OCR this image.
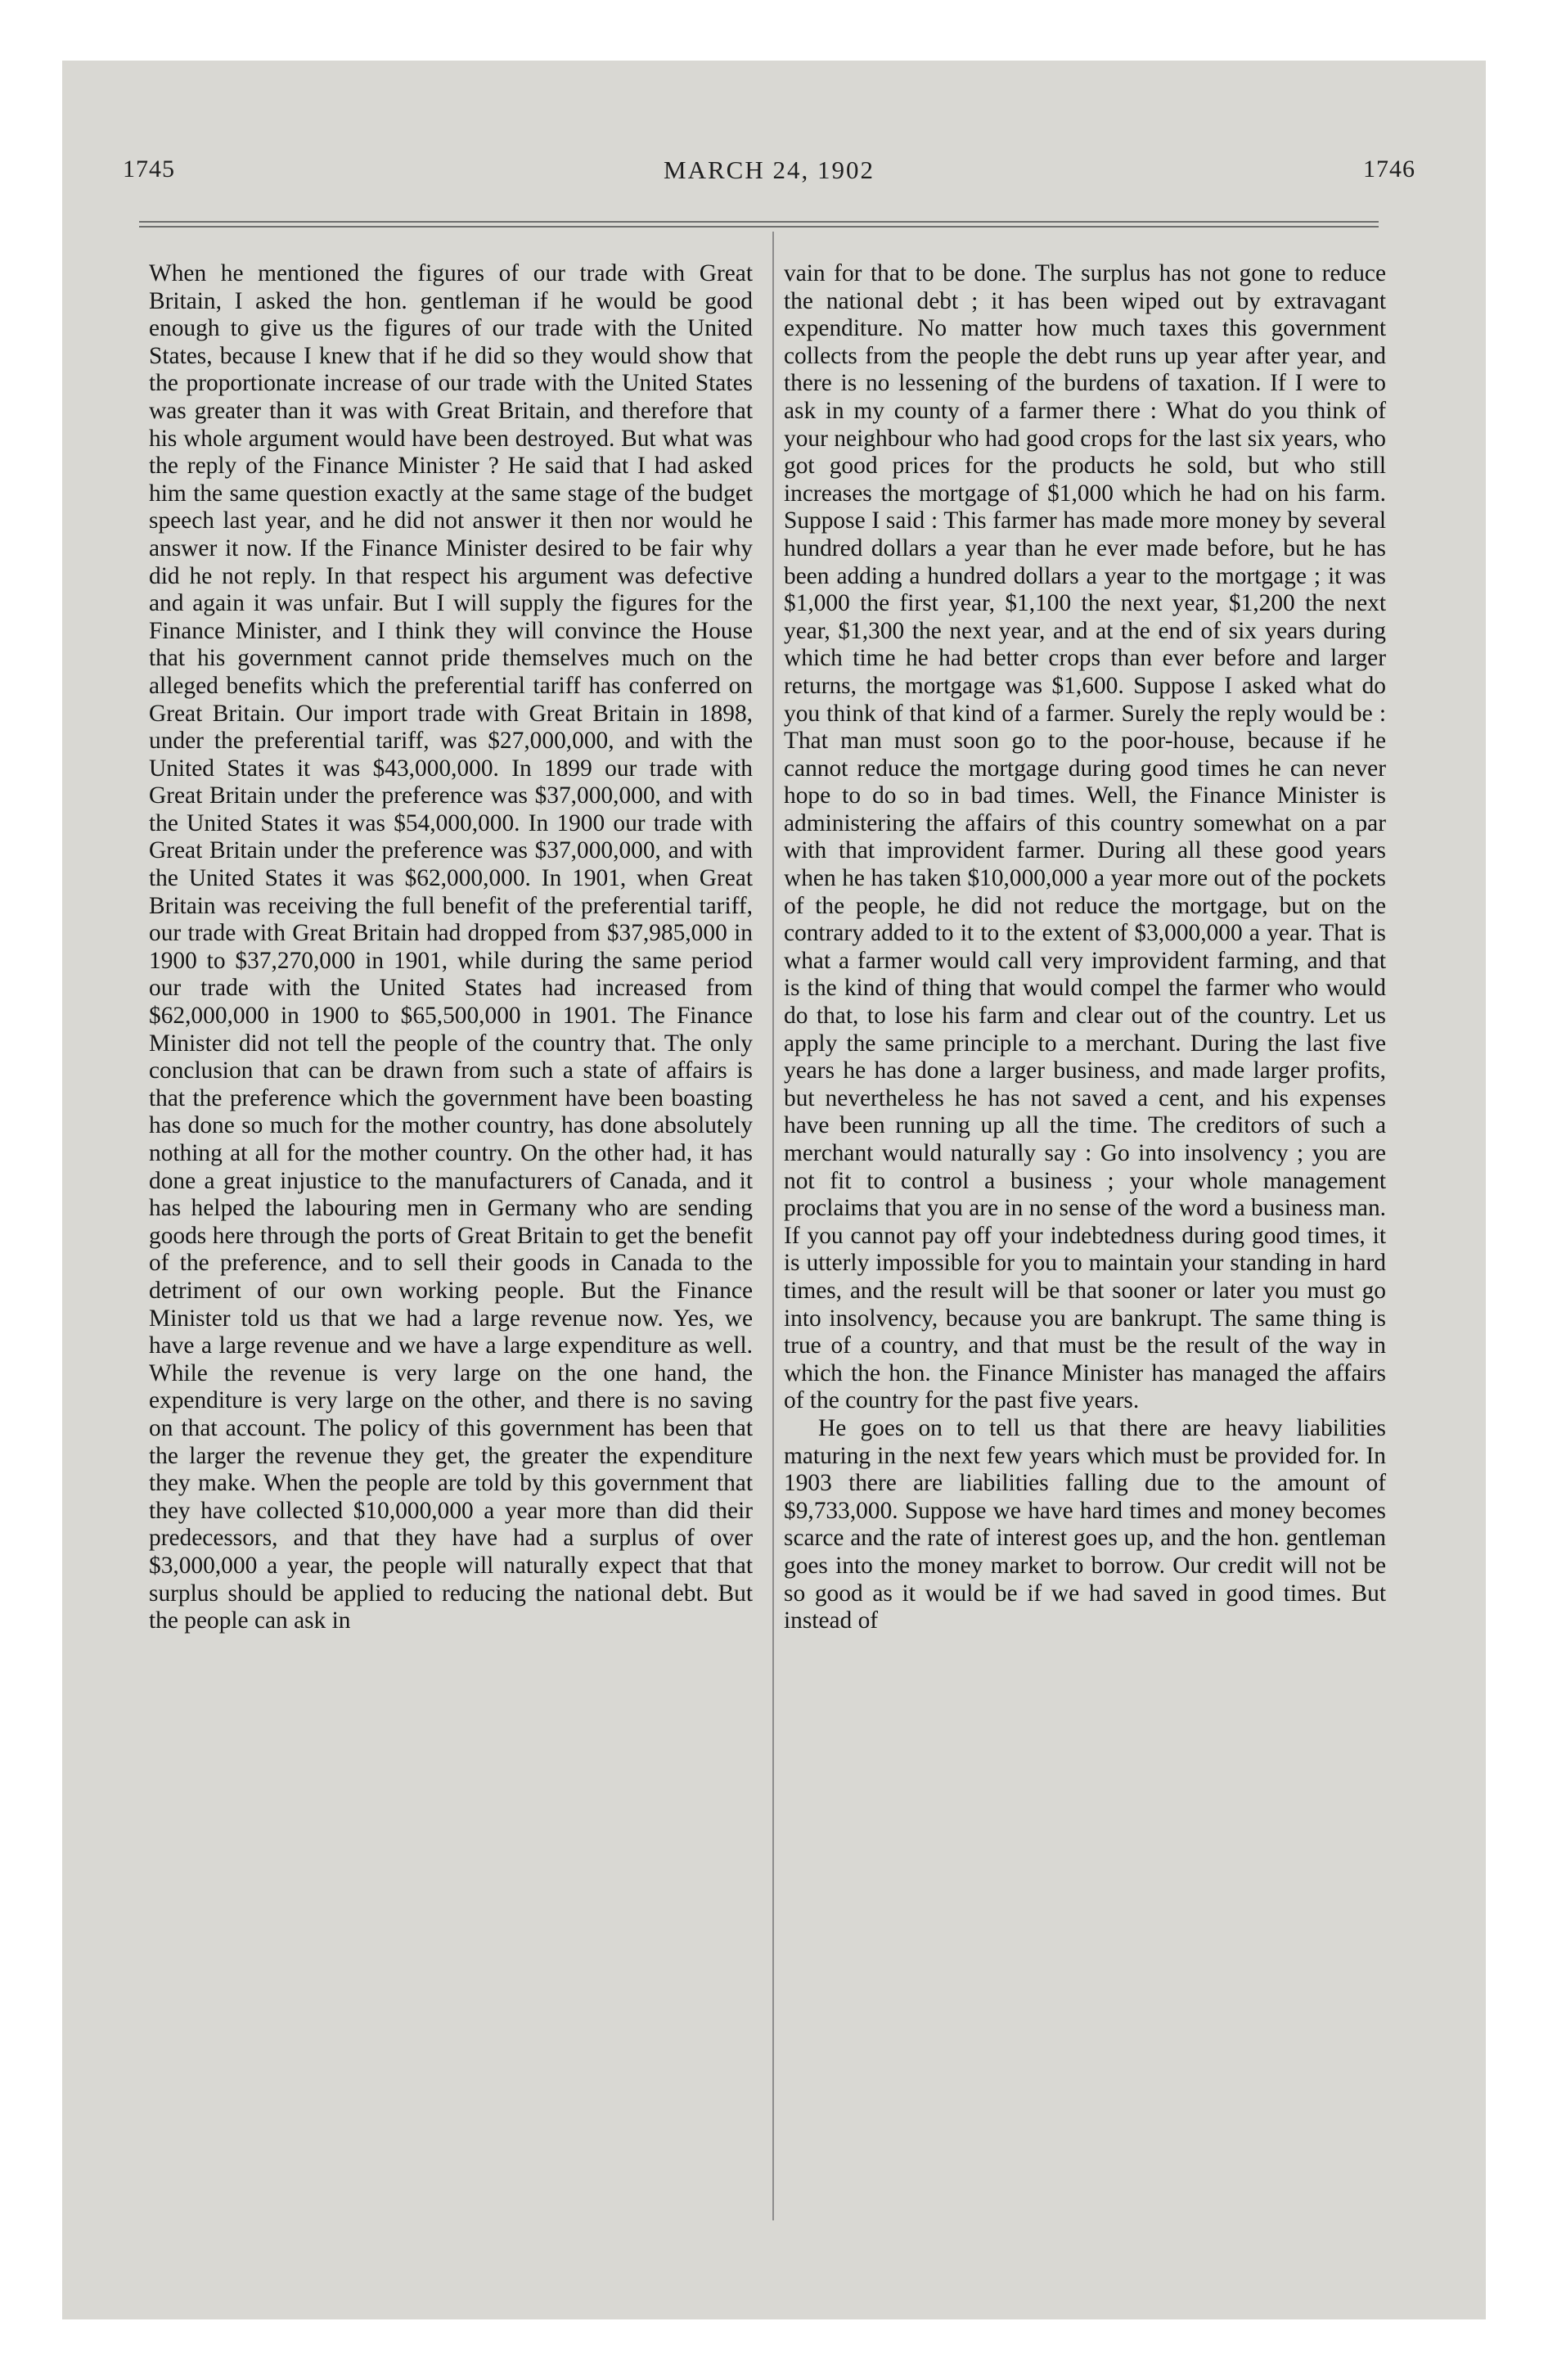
1745	MARCH 24, 1902	1746

When he mentioned the figures of our trade with Great Britain, I asked the hon. gentleman if he would be good enough to give us the figures of our trade with the United States, because I knew that if he did so they would show that the proportionate increase of our trade with the United States was greater than it was with Great Britain, and therefore that his whole argument would have been destroyed. But what was the reply of the Finance Minister ? He said that I had asked him the same question exactly at the same stage of the budget speech last year, and he did not answer it then nor would he answer it now. If the Finance Minister desired to be fair why did he not reply. In that respect his argument was defective and again it was unfair. But I will supply the figures for the Finance Minister, and I think they will convince the House that his government cannot pride themselves much on the alleged benefits which the preferential tariff has conferred on Great Britain. Our import trade with Great Britain in 1898, under the preferential tariff, was $27,000,000, and with the United States it was $43,000,000. In 1899 our trade with Great Britain under the preference was $37,000,000, and with the United States it was $54,000,000. In 1900 our trade with Great Britain under the preference was $37,000,000, and with the United States it was $62,000,000. In 1901, when Great Britain was receiving the full benefit of the preferential tariff, our trade with Great Britain had dropped from $37,985,000 in 1900 to $37,270,000 in 1901, while during the same period our trade with the United States had increased from $62,000,000 in 1900 to $65,500,000 in 1901. The Finance Minister did not tell the people of the country that. The only conclusion that can be drawn from such a state of affairs is that the preference which the government have been boasting has done so much for the mother country, has done absolutely nothing at all for the mother country. On the other had, it has done a great injustice to the manufacturers of Canada, and it has helped the labouring men in Germany who are sending goods here through the ports of Great Britain to get the benefit of the preference, and to sell their goods in Canada to the detriment of our own working people. But the Finance Minister told us that we had a large revenue now. Yes, we have a large revenue and we have a large expenditure as well. While the revenue is very large on the one hand, the expenditure is very large on the other, and there is no saving on that account. The policy of this government has been that the larger the revenue they get, the greater the expenditure they make. When the people are told by this government that they have collected $10,000,000 a year more than did their predecessors, and that they have had a surplus of over $3,000,000 a year, the people will naturally expect that that surplus should be applied to reducing the national debt. But the people can ask in

vain for that to be done. The surplus has not gone to reduce the national debt ; it has been wiped out by extravagant expenditure. No matter how much taxes this government collects from the people the debt runs up year after year, and there is no lessening of the burdens of taxation. If I were to ask in my county of a farmer there : What do you think of your neighbour who had good crops for the last six years, who got good prices for the products he sold, but who still increases the mortgage of $1,000 which he had on his farm. Suppose I said : This farmer has made more money by several hundred dollars a year than he ever made before, but he has been adding a hundred dollars a year to the mortgage ; it was $1,000 the first year, $1,100 the next year, $1,200 the next year, $1,300 the next year, and at the end of six years during which time he had better crops than ever before and larger returns, the mortgage was $1,600. Suppose I asked what do you think of that kind of a farmer. Surely the reply would be : That man must soon go to the poor-house, because if he cannot reduce the mortgage during good times he can never hope to do so in bad times. Well, the Finance Minister is administering the affairs of this country somewhat on a par with that improvident farmer. During all these good years when he has taken $10,000,000 a year more out of the pockets of the people, he did not reduce the mortgage, but on the contrary added to it to the extent of $3,000,000 a year. That is what a farmer would call very improvident farming, and that is the kind of thing that would compel the farmer who would do that, to lose his farm and clear out of the country. Let us apply the same principle to a merchant. During the last five years he has done a larger business, and made larger profits, but nevertheless he has not saved a cent, and his expenses have been running up all the time. The creditors of such a merchant would naturally say : Go into insolvency ; you are not fit to control a business ; your whole management proclaims that you are in no sense of the word a business man. If you cannot pay off your indebtedness during good times, it is utterly impossible for you to maintain your standing in hard times, and the result will be that sooner or later you must go into insolvency, because you are bankrupt. The same thing is true of a country, and that must be the result of the way in which the hon. the Finance Minister has managed the affairs of the country for the past five years.

He goes on to tell us that there are heavy liabilities maturing in the next few years which must be provided for. In 1903 there are liabilities falling due to the amount of $9,733,000. Suppose we have hard times and money becomes scarce and the rate of interest goes up, and the hon. gentleman goes into the money market to borrow. Our credit will not be so good as it would be if we had saved in good times. But instead of
